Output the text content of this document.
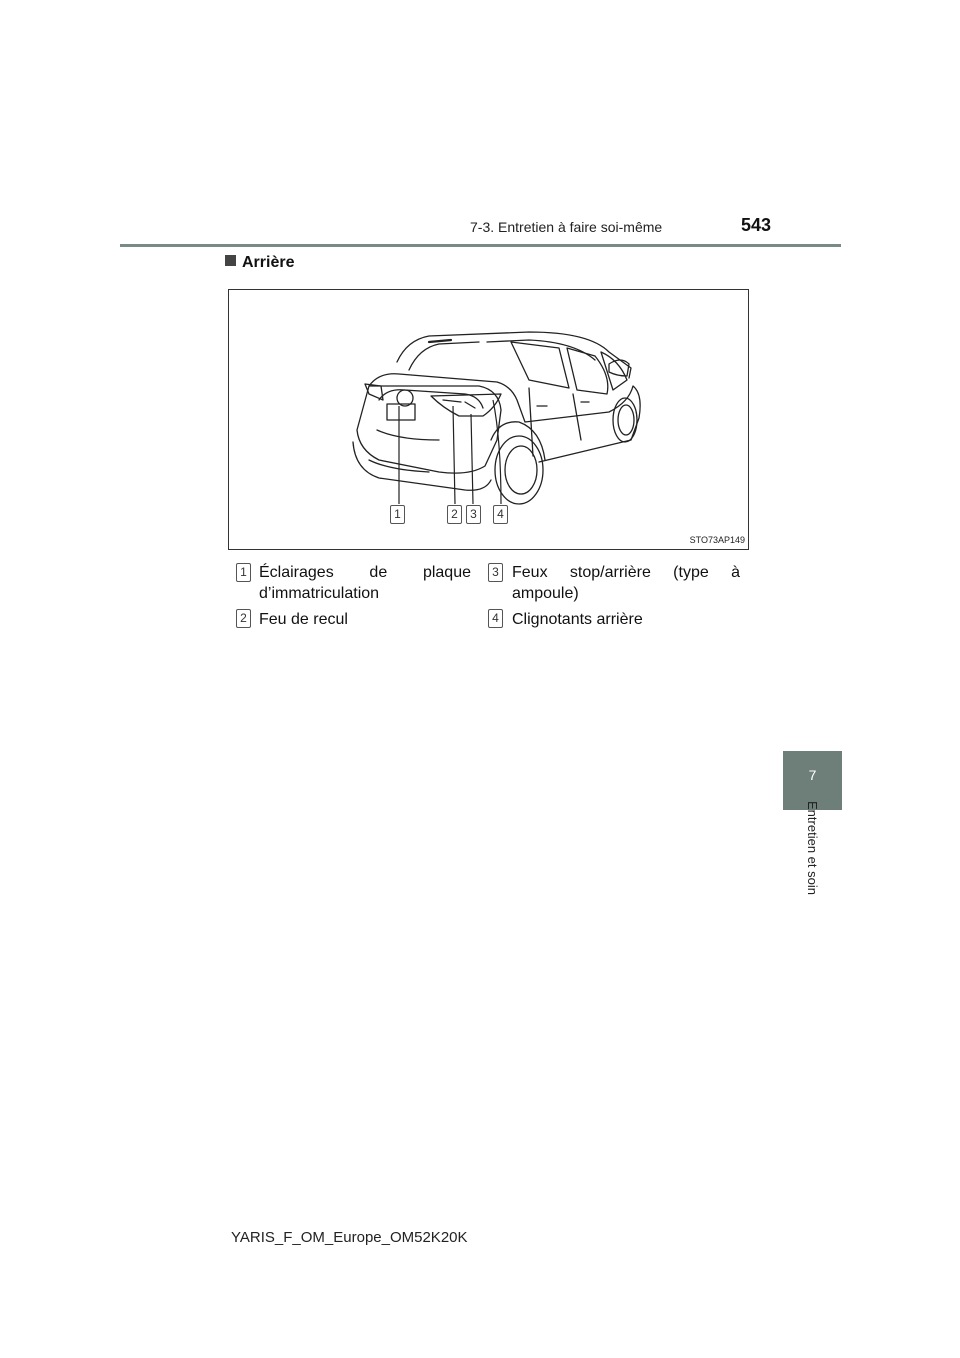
7-3. Entretien à faire soi-même	543
7
Entretien et soin
Arrière
1	2	3	4
STO73AP149
1 Éclairages de plaque
d’immatriculation
2 Feu de recul
3 Feux stop/arrière (type à
ampoule)
4 Clignotants arrière
YARIS_F_OM_Europe_OM52K20K
